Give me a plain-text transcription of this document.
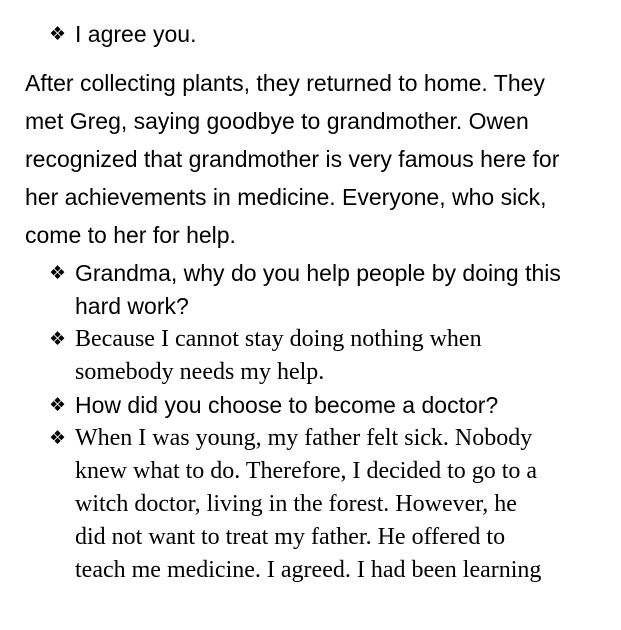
❖ I agree you.
After collecting plants, they returned to home. They
met Greg, saying goodbye to grandmother. Owen
recognized that grandmother is very famous here for
her achievements in medicine. Everyone, who sick,
come to her for help.
❖ Grandma, why do you help people by doing this
hard work?
❖ Because I cannot stay doing nothing when
somebody needs my help.
❖ How did you choose to become a doctor?
❖ When I was young, my father felt sick. Nobody
knew what to do. Therefore, I decided to go to a
witch doctor, living in the forest. However, he
did not want to treat my father. He offered to
teach me medicine. I agreed. I had been learning
